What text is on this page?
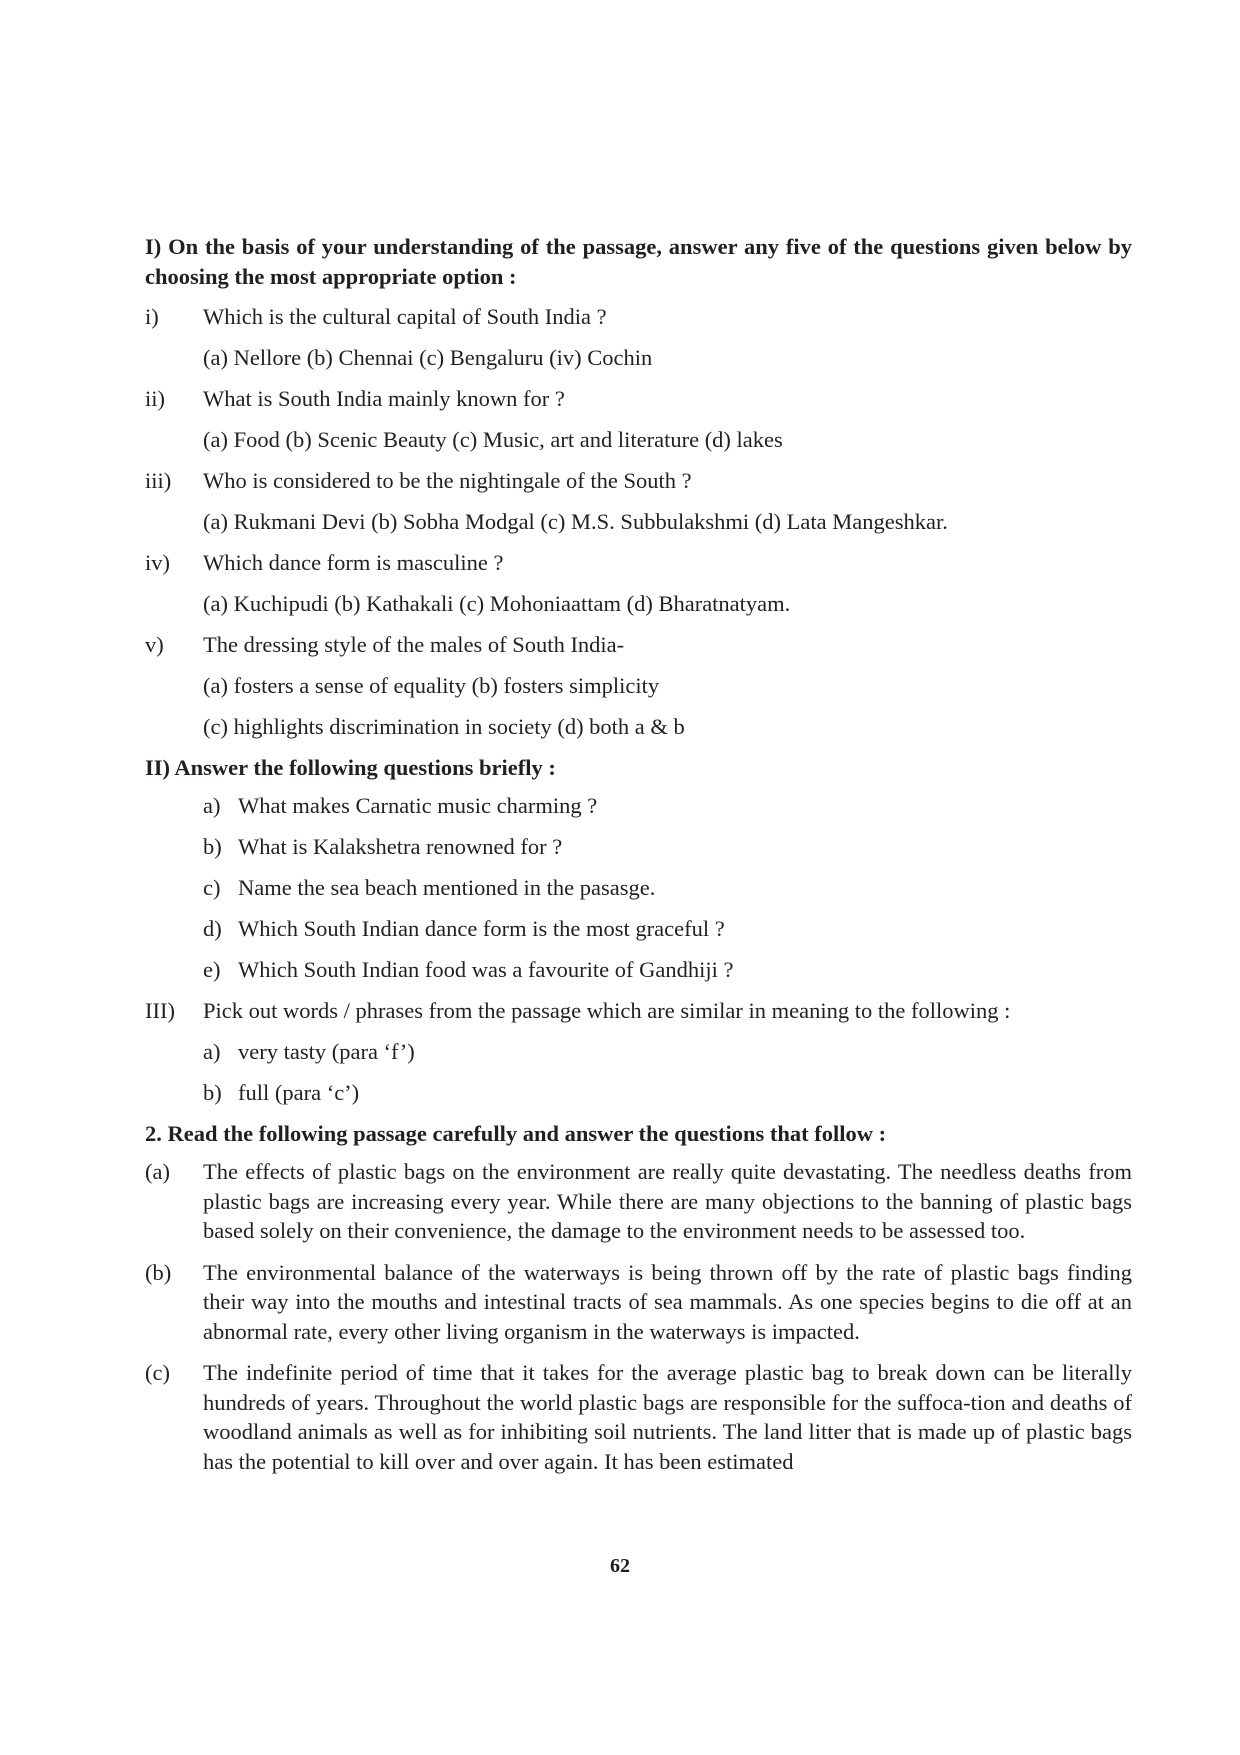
I) On the basis of your understanding of the passage, answer any five of the questions given below by choosing the most appropriate option :
i) Which is the cultural capital of South India ?
(a) Nellore (b) Chennai (c) Bengaluru (iv) Cochin
ii) What is South India mainly known for ?
(a) Food (b) Scenic Beauty (c) Music, art and literature (d) lakes
iii) Who is considered to be the nightingale of the South ?
(a) Rukmani Devi (b) Sobha Modgal (c) M.S. Subbulakshmi (d) Lata Mangeshkar.
iv) Which dance form is masculine ?
(a) Kuchipudi (b) Kathakali (c) Mohoniaattam (d) Bharatnatyam.
v) The dressing style of the males of South India-
(a) fosters a sense of equality (b) fosters simplicity
(c) highlights discrimination in society (d) both a & b
II) Answer the following questions briefly :
a) What makes Carnatic music charming ?
b) What is Kalakshetra renowned for ?
c) Name the sea beach mentioned in the pasasge.
d) Which South Indian dance form is the most graceful ?
e) Which South Indian food was a favourite of Gandhiji ?
III) Pick out words / phrases from the passage which are similar in meaning to the following :
a) very tasty (para ‘f’)
b) full (para ‘c’)
2. Read the following passage carefully and answer the questions that follow :
(a) The effects of plastic bags on the environment are really quite devastating. The needless deaths from plastic bags are increasing every year. While there are many objections to the banning of plastic bags based solely on their convenience, the damage to the environment needs to be assessed too.
(b) The environmental balance of the waterways is being thrown off by the rate of plastic bags finding their way into the mouths and intestinal tracts of sea mammals. As one species begins to die off at an abnormal rate, every other living organism in the waterways is impacted.
(c) The indefinite period of time that it takes for the average plastic bag to break down can be literally hundreds of years. Throughout the world plastic bags are responsible for the suffoca-tion and deaths of woodland animals as well as for inhibiting soil nutrients. The land litter that is made up of plastic bags has the potential to kill over and over again. It has been estimated
62
